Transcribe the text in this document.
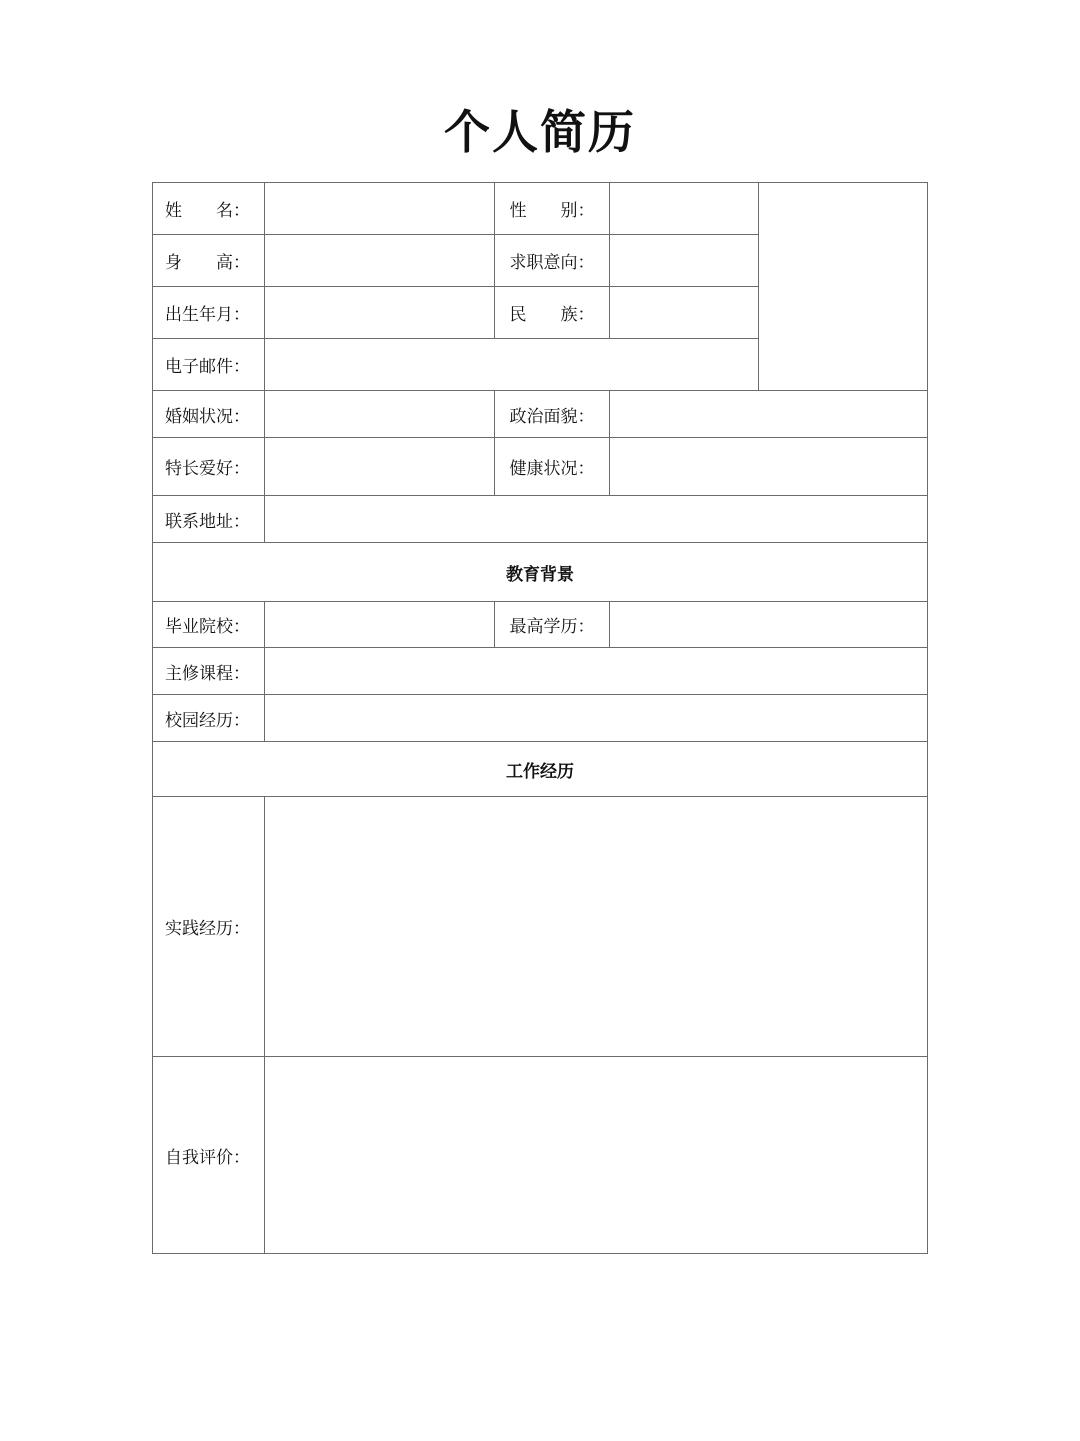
个人简历
姓　　名：		性　　别：		
身　　高：		求职意向：		
出生年月：		民　　族：		
电子邮件：				
婚姻状况：		政治面貌：		
特长爱好：		健康状况：		
联系地址：				
教育背景				
毕业院校：		最高学历：		
主修课程：				
校园经历：				
工作经历				
实践经历：				
自我评价：				
